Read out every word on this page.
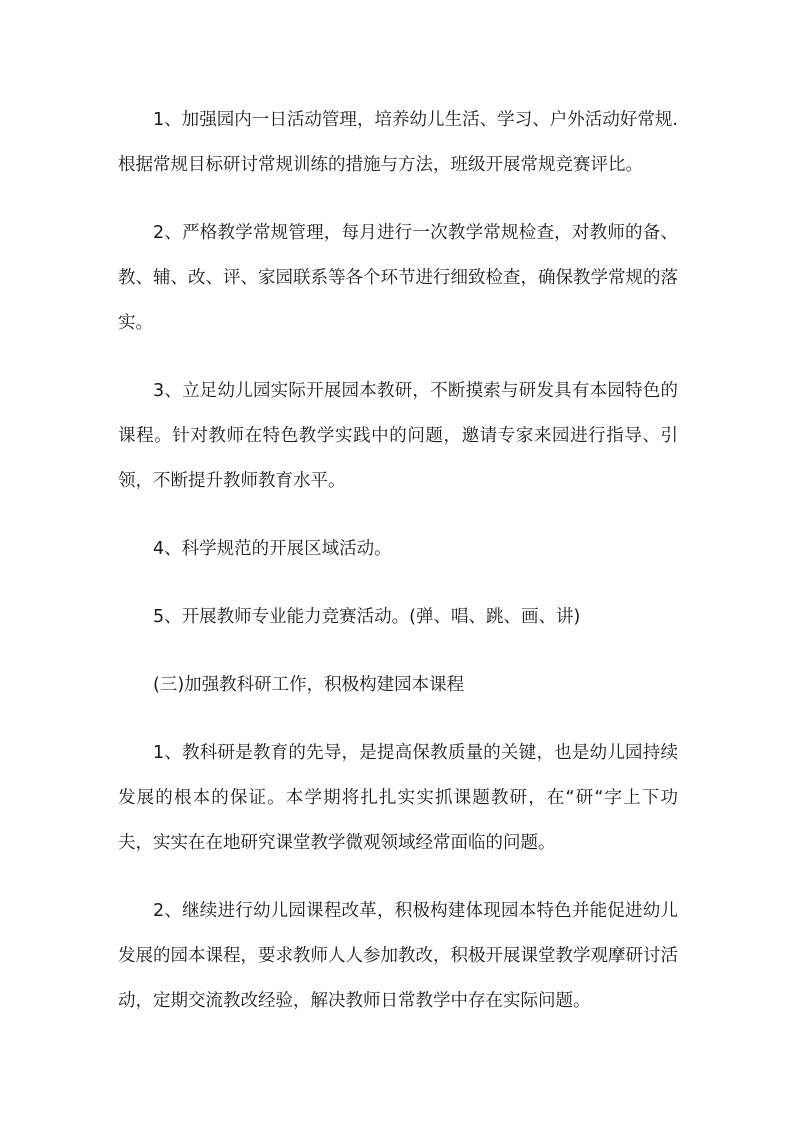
1、加强园内一日活动管理，培养幼儿生活、学习、户外活动好常规. 根据常规目标研讨常规训练的措施与方法，班级开展常规竞赛评比。

2、严格教学常规管理，每月进行一次教学常规检查，对教师的备、教、辅、改、评、家园联系等各个环节进行细致检查，确保教学常规的落实。

3、立足幼儿园实际开展园本教研，不断摸索与研发具有本园特色的课程。针对教师在特色教学实践中的问题，邀请专家来园进行指导、引领，不断提升教师教育水平。

4、科学规范的开展区域活动。

5、开展教师专业能力竞赛活动。(弹、唱、跳、画、讲)

(三)加强教科研工作，积极构建园本课程

1、教科研是教育的先导，是提高保教质量的关键，也是幼儿园持续发展的根本的保证。本学期将扎扎实实抓课题教研，在“研“字上下功夫，实实在在地研究课堂教学微观领域经常面临的问题。

2、继续进行幼儿园课程改革，积极构建体现园本特色并能促进幼儿发展的园本课程，要求教师人人参加教改，积极开展课堂教学观摩研讨活动，定期交流教改经验，解决教师日常教学中存在实际问题。
